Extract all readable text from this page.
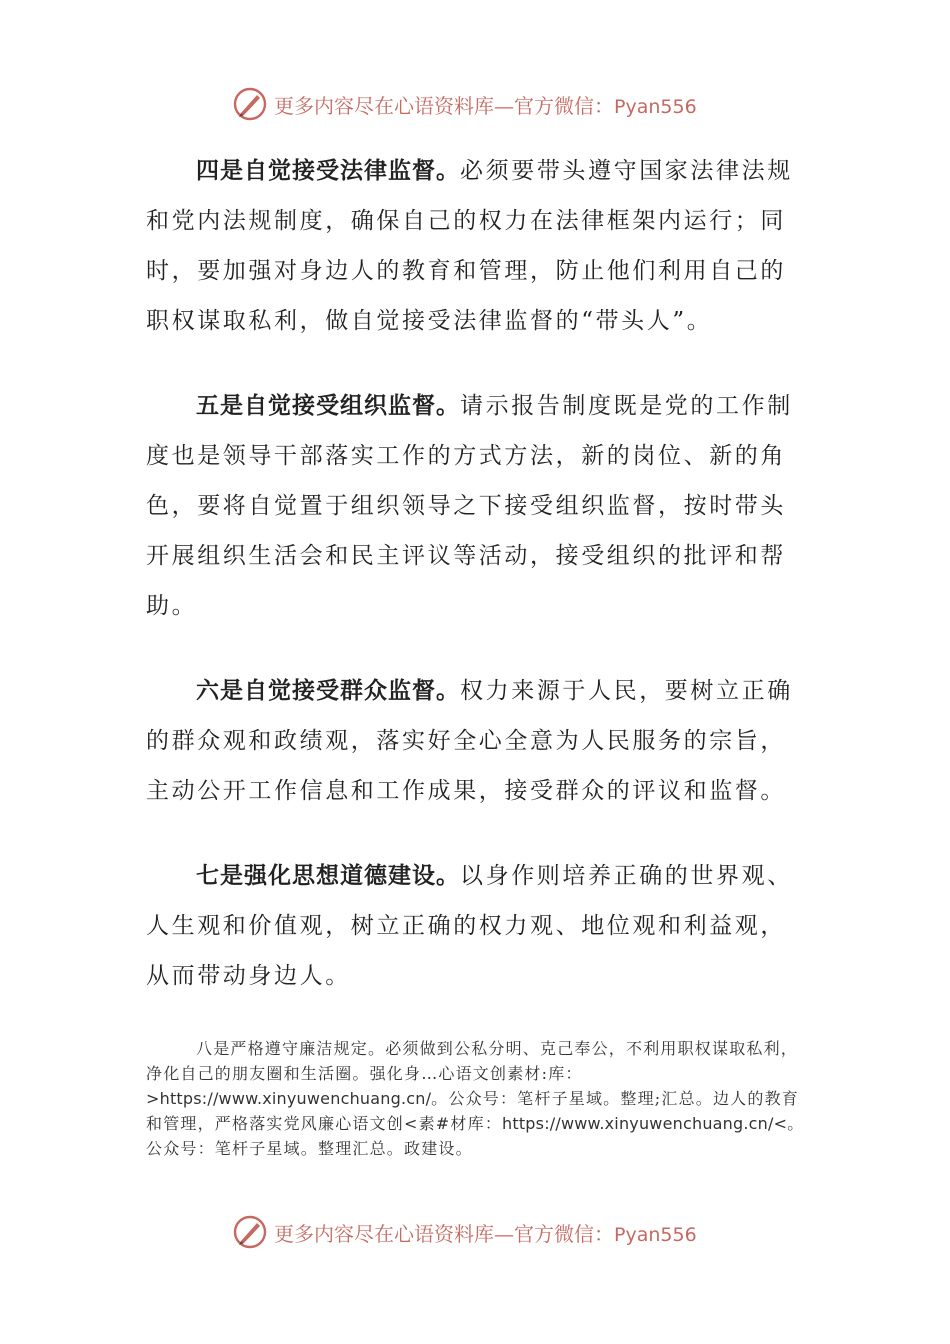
更多内容尽在心语资料库—官方微信：Pyan556

四是自觉接受法律监督。必须要带头遵守国家法律法规和党内法规制度，确保自己的权力在法律框架内运行；同时，要加强对身边人的教育和管理，防止他们利用自己的职权谋取私利，做自觉接受法律监督的“带头人”。

五是自觉接受组织监督。请示报告制度既是党的工作制度也是领导干部落实工作的方式方法，新的岗位、新的角色，要将自觉置于组织领导之下接受组织监督，按时带头开展组织生活会和民主评议等活动，接受组织的批评和帮助。

六是自觉接受群众监督。权力来源于人民，要树立正确的群众观和政绩观，落实好全心全意为人民服务的宗旨，主动公开工作信息和工作成果，接受群众的评议和监督。

七是强化思想道德建设。以身作则培养正确的世界观、人生观和价值观，树立正确的权力观、地位观和利益观，从而带动身边人。

八是严格遵守廉洁规定。必须做到公私分明、克己奉公，不利用职权谋取私利，净化自己的朋友圈和生活圈。强化身…心语文创素材:库：>https://www.xinyuwenchuang.cn/。公众号：笔杆子星域。整理;汇总。边人的教育和管理，严格落实党风廉心语文创<素#材库：https://www.xinyuwenchuang.cn/<。公众号：笔杆子星域。整理汇总。政建设。

更多内容尽在心语资料库—官方微信：Pyan556
